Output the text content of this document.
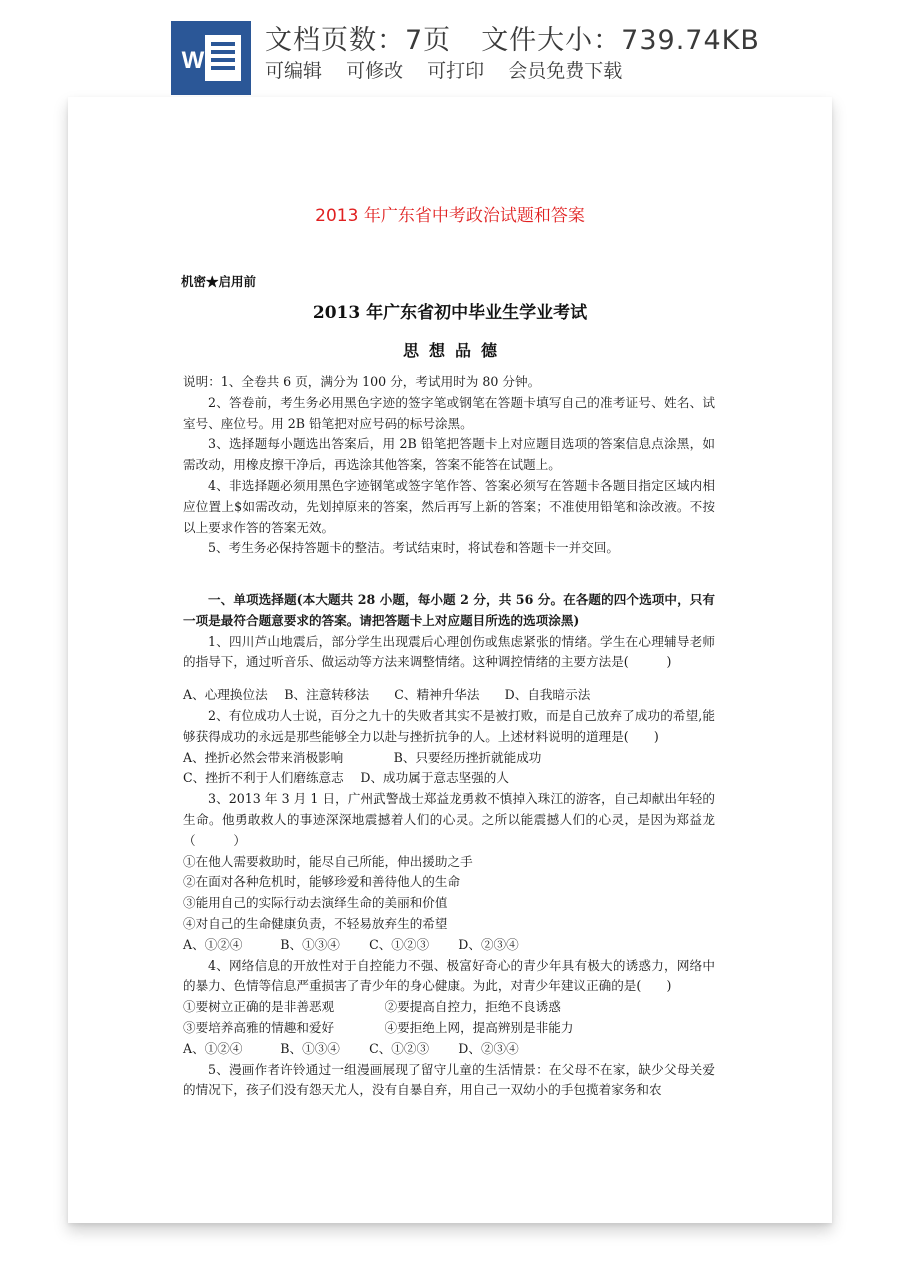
W
文档页数：7页 文件大小：739.74KB
可编辑 可修改 可打印 会员免费下载
2013 年广东省中考政治试题和答案
机密★启用前
2013 年广东省初中毕业生学业考试
思想品德

说明：1、全卷共 6 页，满分为 100 分，考试用时为 80 分钟。

2、答卷前，考生务必用黑色字迹的签字笔或钢笔在答题卡填写自己的准考证号、姓名、试室号、座位号。用 2B 铅笔把对应号码的标号涂黑。

3、选择题每小题选出答案后，用 2B 铅笔把答题卡上对应题目选项的答案信息点涂黑，如需改动，用橡皮擦干净后，再选涂其他答案，答案不能答在试题上。

4、非选择题必须用黑色字迹钢笔或签字笔作答、答案必须写在答题卡各题目指定区域内相应位置上$如需改动，先划掉原来的答案，然后再写上新的答案；不准使用铅笔和涂改液。不按以上要求作答的答案无效。

5、考生务必保持答题卡的整洁。考试结束时，将试卷和答题卡一并交回。

一、单项选择题(本大题共 28 小题，每小题 2 分，共 56 分。在各题的四个选项中，只有一项是最符合题意要求的答案。请把答题卡上对应题目所选的选项涂黑)

1、四川芦山地震后，部分学生出现震后心理创伤或焦虑紧张的情绪。学生在心理辅导老师的指导下，通过听音乐、做运动等方法来调整情绪。这种调控情绪的主要方法是(　　　)

A、心理换位法　 B、注意转移法　　C、精神升华法　　D、自我暗示法

2、有位成功人士说，百分之九十的失败者其实不是被打败，而是自己放弃了成功的希望,能够获得成功的永远是那些能够全力以赴与挫折抗争的人。上述材料说明的道理是(　　)

A、挫折必然会带来消极影响　　　　B、只要经历挫折就能成功

C、挫折不利于人们磨练意志　 D、成功属于意志坚强的人

3、2013 年 3 月 1 日，广州武警战士郑益龙勇救不慎掉入珠江的游客，自己却献出年轻的生命。他勇敢救人的事迹深深地震撼着人们的心灵。之所以能震撼人们的心灵，是因为郑益龙（　　　）

①在他人需要救助时，能尽自己所能，伸出援助之手

②在面对各种危机时，能够珍爱和善待他人的生命

③能用自己的实际行动去演绎生命的美丽和价值

④对自己的生命健康负责，不轻易放弃生的希望

A、①②④　　　B、①③④　　 C、①②③　　 D、②③④

4、网络信息的开放性对于自控能力不强、极富好奇心的青少年具有极大的诱惑力，网络中的暴力、色情等信息严重损害了青少年的身心健康。为此，对青少年建议正确的是(　　)

①要树立正确的是非善恶观　　　　②要提高自控力，拒绝不良诱惑

③要培养高雅的情趣和爱好　　　　④要拒绝上网，提高辨别是非能力

A、①②④　　　B、①③④　　 C、①②③　　 D、②③④

5、漫画作者许铃通过一组漫画展现了留守儿童的生活情景：在父母不在家，缺少父母关爱的情况下，孩子们没有怨天尤人，没有自暴自弃，用自己一双幼小的手包揽着家务和农
